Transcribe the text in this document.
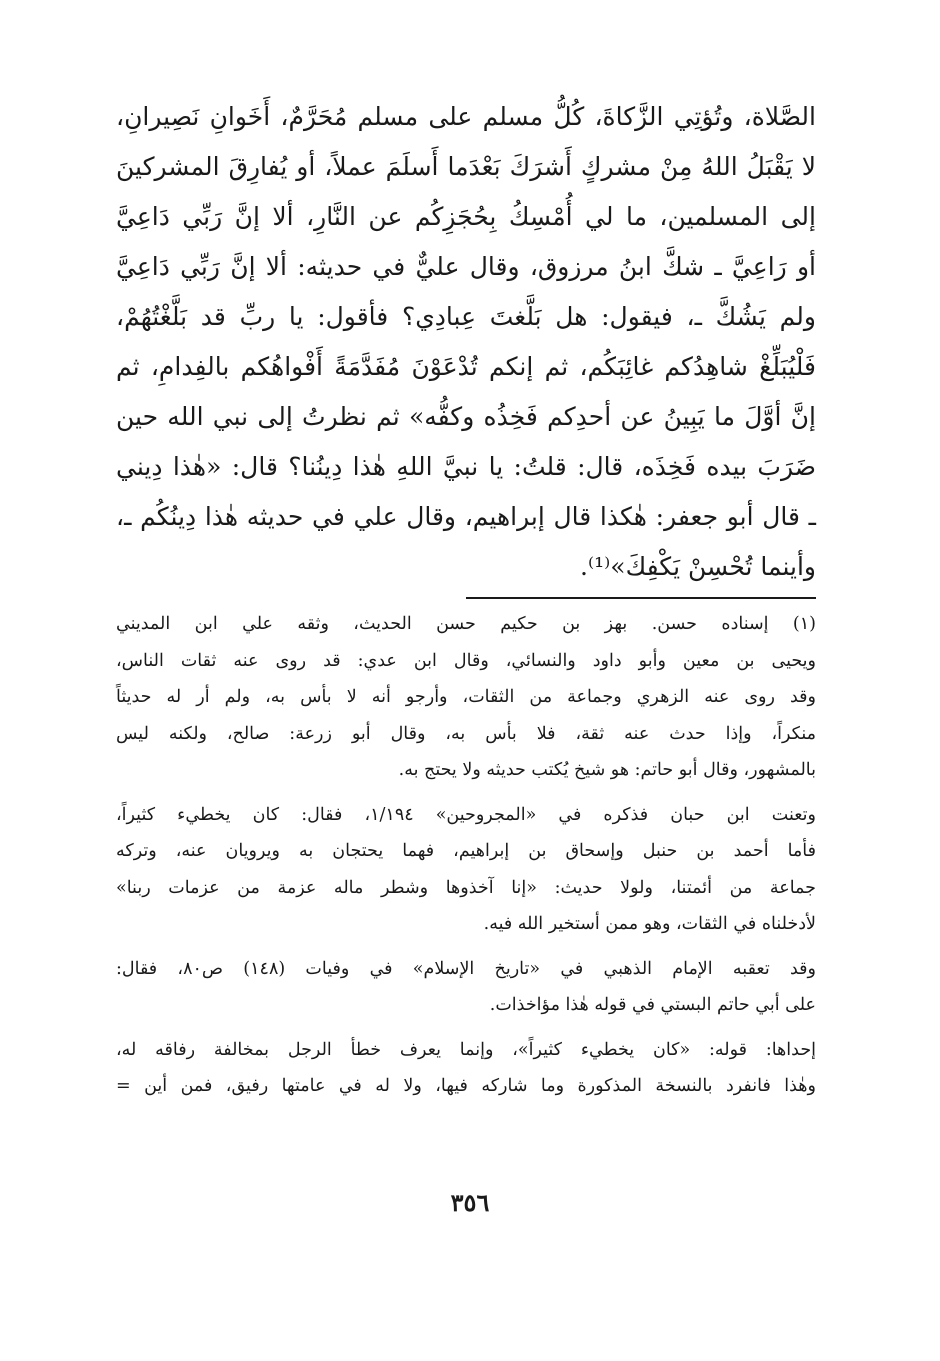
الصَّلاة، وتُؤتِي الزَّكاةَ، كُلُّ مسلم على مسلم مُحَرَّمٌ، أَخَوانِ نَصِيرانِ،
لا يَقْبَلُ اللهُ مِنْ مشركٍ أَشرَكَ بَعْدَما أَسلَمَ عملاً، أو يُفارِقَ المشركينَ
إلى المسلمين، ما لي أُمْسِكُ بِحُجَزِكُم عن النَّارِ، ألا إنَّ رَبِّي دَاعِيَّ
أو رَاعِيَّ ـ شكَّ ابنُ مرزوق، وقال عليٌّ في حديثه: ألا إنَّ رَبِّي دَاعِيَّ
ولم يَشُكَّ ـ، فيقول: هل بَلَّغتَ عِبادِي؟ فأقول: يا ربِّ قد بَلَّغْتُهُمْ،
فَلْيُبَلِّغْ شاهِدُكم غائِبَكُم، ثم إنكم تُدْعَوْنَ مُفَدَّمَةً أَفْواهُكم بالفِدامِ، ثم
إنَّ أوَّلَ ما يَبِينُ عن أحدِكم فَخِذُه وكفُّه» ثم نظرتُ إلى نبي الله حين
ضَرَبَ بيده فَخِذَه، قال: قلتُ: يا نبيَّ اللهِ هٰذا دِينُنا؟ قال: «هٰذا دِيني
ـ قال أبو جعفر: هٰكذا قال إبراهيم، وقال علي في حديثه هٰذا دِينُكُم ـ،
وأينما تُحْسِنْ يَكْفِكَ»⁽¹⁾.
(١) إسناده حسن. بهز بن حكيم حسن الحديث، وثقه علي ابن المديني
ويحيى بن معين وأبو داود والنسائي، وقال ابن عدي: قد روى عنه ثقات الناس،
وقد روى عنه الزهري وجماعة من الثقات، وأرجو أنه لا بأس به، ولم أر له حديثاً
منكراً، وإذا حدث عنه ثقة، فلا بأس به، وقال أبو زرعة: صالح، ولكنه ليس
بالمشهور، وقال أبو حاتم: هو شيخ يُكتب حديثه ولا يحتج به.
وتعنت ابن حبان فذكره في «المجروحين» ١/١٩٤، فقال: كان يخطيء كثيراً،
فأما أحمد بن حنبل وإسحاق بن إبراهيم، فهما يحتجان به ويرويان عنه، وتركه
جماعة من أئمتنا، ولولا حديث: «إنا آخذوها وشطر ماله عزمة من عزمات ربنا»
لأدخلناه في الثقات، وهو ممن أستخير الله فيه.
وقد تعقبه الإمام الذهبي في «تاريخ الإسلام» في وفيات (١٤٨) ص٨٠، فقال:
على أبي حاتم البستي في قوله هٰذا مؤاخذات.
إحداها: قوله: «كان يخطيء كثيراً»، وإنما يعرف خطأ الرجل بمخالفة رفاقه له،
وهٰذا فانفرد بالنسخة المذكورة وما شاركه فيها، ولا له في عامتها رفيق، فمن أين =
٣٥٦
